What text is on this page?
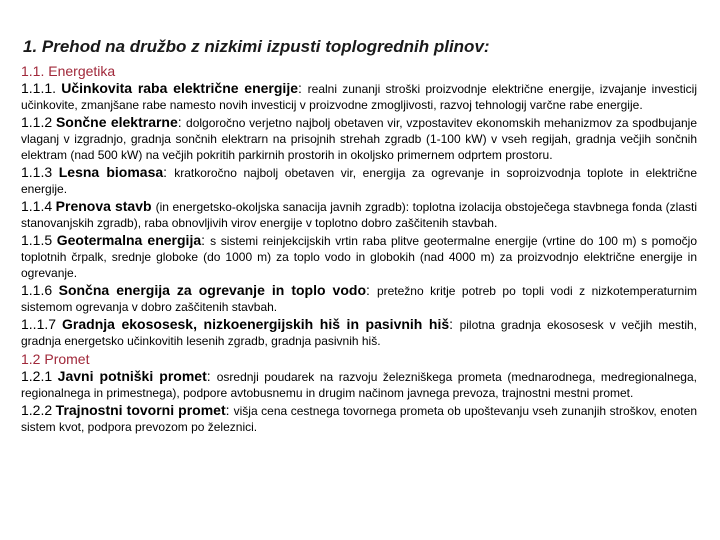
1. Prehod na družbo z nizkimi izpusti toplogrednih plinov:
1.1. Energetika
1.1.1. Učinkovita raba električne energije: realni zunanji stroški proizvodnje električne energije, izvajanje investicij učinkovite, zmanjšane rabe namesto novih investicij v proizvodne zmogljivosti, razvoj tehnologij varčne rabe energije.
1.1.2 Sončne elektrarne: dolgoročno verjetno najbolj obetaven vir, vzpostavitev ekonomskih mehanizmov za spodbujanje vlaganj v izgradnjo, gradnja sončnih elektrarn na prisojnih strehah zgradb (1-100 kW) v vseh regijah, gradnja večjih sončnih elektram (nad 500 kW) na večjih pokritih parkirnih prostorih in okoljsko primernem odprtem prostoru.
1.1.3 Lesna biomasa: kratkoročno najbolj obetaven vir, energija za ogrevanje in soproizvodnja toplote in električne energije.
1.1.4 Prenova stavb (in energetsko-okoljska sanacija javnih zgradb): toplotna izolacija obstoječega stavbnega fonda (zlasti stanovanjskih zgradb), raba obnovljivih virov energije v toplotno dobro zaščitenih stavbah.
1.1.5 Geotermalna energija: s sistemi reinjekcijskih vrtin raba plitve geotermalne energije (vrtine do 100 m) s pomočjo toplotnih črpalk, srednje globoke (do 1000 m) za toplo vodo in globokih (nad 4000 m) za proizvodnjo električne energije in ogrevanje.
1.1.6 Sončna energija za ogrevanje in toplo vodo: pretežno kritje potreb po topli vodi z nizkotemperaturnim sistemom ogrevanja v dobro zaščitenih stavbah.
1..1.7 Gradnja ekososesk, nizkoenergijskih hiš in pasivnih hiš: pilotna gradnja ekososesk v večjih mestih, gradnja energetsko učinkovitih lesenih zgradb, gradnja pasivnih hiš.
1.2 Promet
1.2.1 Javni potniški promet: osrednji poudarek na razvoju železniškega prometa (mednarodnega, medregionalnega, regionalnega in primestnega), podpore avtobusnemu in drugim načinom javnega prevoza, trajnostni mestni promet.
1.2.2 Trajnostni tovorni promet: višja cena cestnega tovornega prometa ob upoštevanju vseh zunanjih stroškov, enoten sistem kvot, podpora prevozom po železnici.
